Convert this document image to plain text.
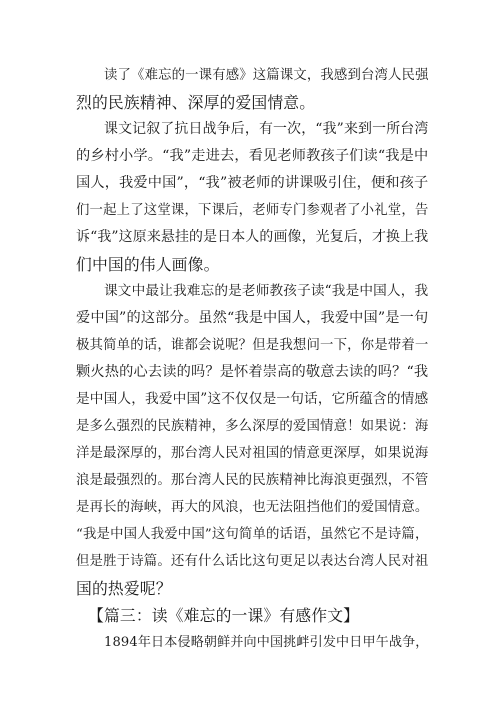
读了《难忘的一课有感》这篇课文，我感到台湾人民强
烈的民族精神、深厚的爱国情意。
课文记叙了抗日战争后，有一次，“我”来到一所台湾
的乡村小学。“我”走进去，看见老师教孩子们读“我是中
国人，我爱中国”，“我”被老师的讲课吸引住，便和孩子
们一起上了这堂课，下课后，老师专门参观者了小礼堂，告
诉“我”这原来悬挂的是日本人的画像，光复后，才换上我
们中国的伟人画像。
课文中最让我难忘的是老师教孩子读“我是中国人，我
爱中国”的这部分。虽然“我是中国人，我爱中国”是一句
极其简单的话，谁都会说呢？但是我想问一下，你是带着一
颗火热的心去读的吗？是怀着崇高的敬意去读的吗？“我
是中国人，我爱中国”这不仅仅是一句话，它所蕴含的情感
是多么强烈的民族精神，多么深厚的爱国情意！如果说：海
洋是最深厚的，那台湾人民对祖国的情意更深厚，如果说海
浪是最强烈的。那台湾人民的民族精神比海浪更强烈，不管
是再长的海峡，再大的风浪，也无法阻挡他们的爱国情意。
“我是中国人我爱中国”这句简单的话语，虽然它不是诗篇，
但是胜于诗篇。还有什么话比这句更足以表达台湾人民对祖
国的热爱呢？
【篇三：读《难忘的一课》有感作文】
1894年日本侵略朝鲜并向中国挑衅引发中日甲午战争，
